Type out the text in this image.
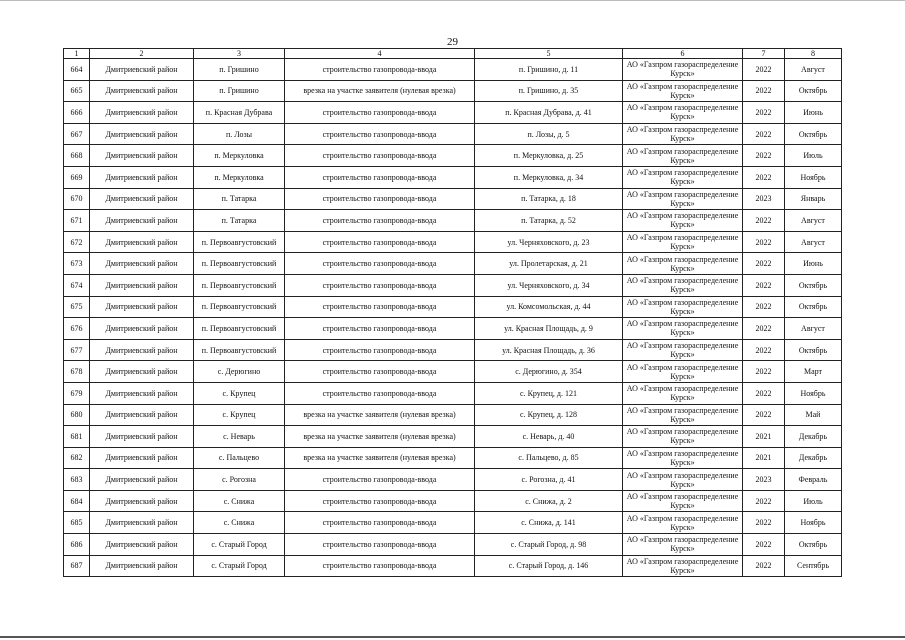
29
1	2	3	4	5	6	7	8
664	Дмитриевский район	п. Гришино	строительство газопровода-ввода	п. Гришино, д. 11	АО «Газпром газораспределение Курск»	2022	Август
665	Дмитриевский район	п. Гришино	врезка на участке заявителя (нулевая врезка)	п. Гришино, д. 35	АО «Газпром газораспределение Курск»	2022	Октябрь
666	Дмитриевский район	п. Красная Дубрава	строительство газопровода-ввода	п. Красная Дубрава, д. 41	АО «Газпром газораспределение Курск»	2022	Июнь
667	Дмитриевский район	п. Лозы	строительство газопровода-ввода	п. Лозы, д. 5	АО «Газпром газораспределение Курск»	2022	Октябрь
668	Дмитриевский район	п. Меркуловка	строительство газопровода-ввода	п. Меркуловка, д. 25	АО «Газпром газораспределение Курск»	2022	Июль
669	Дмитриевский район	п. Меркуловка	строительство газопровода-ввода	п. Меркуловка, д. 34	АО «Газпром газораспределение Курск»	2022	Ноябрь
670	Дмитриевский район	п. Татарка	строительство газопровода-ввода	п. Татарка, д. 18	АО «Газпром газораспределение Курск»	2023	Январь
671	Дмитриевский район	п. Татарка	строительство газопровода-ввода	п. Татарка, д. 52	АО «Газпром газораспределение Курск»	2022	Август
672	Дмитриевский район	п. Первоавгустовский	строительство газопровода-ввода	ул. Черняховского, д. 23	АО «Газпром газораспределение Курск»	2022	Август
673	Дмитриевский район	п. Первоавгустовский	строительство газопровода-ввода	ул. Пролетарская, д. 21	АО «Газпром газораспределение Курск»	2022	Июнь
674	Дмитриевский район	п. Первоавгустовский	строительство газопровода-ввода	ул. Черняховского, д. 34	АО «Газпром газораспределение Курск»	2022	Октябрь
675	Дмитриевский район	п. Первоавгустовский	строительство газопровода-ввода	ул. Комсомольская, д. 44	АО «Газпром газораспределение Курск»	2022	Октябрь
676	Дмитриевский район	п. Первоавгустовский	строительство газопровода-ввода	ул. Красная Площадь, д. 9	АО «Газпром газораспределение Курск»	2022	Август
677	Дмитриевский район	п. Первоавгустовский	строительство газопровода-ввода	ул. Красная Площадь, д. 36	АО «Газпром газораспределение Курск»	2022	Октябрь
678	Дмитриевский район	с. Дерюгино	строительство газопровода-ввода	с. Дерюгино, д. 354	АО «Газпром газораспределение Курск»	2022	Март
679	Дмитриевский район	с. Крупец	строительство газопровода-ввода	с. Крупец, д. 121	АО «Газпром газораспределение Курск»	2022	Ноябрь
680	Дмитриевский район	с. Крупец	врезка на участке заявителя (нулевая врезка)	с. Крупец, д. 128	АО «Газпром газораспределение Курск»	2022	Май
681	Дмитриевский район	с. Неварь	врезка на участке заявителя (нулевая врезка)	с. Неварь, д. 40	АО «Газпром газораспределение Курск»	2021	Декабрь
682	Дмитриевский район	с. Пальцево	врезка на участке заявителя (нулевая врезка)	с. Пальцево, д. 85	АО «Газпром газораспределение Курск»	2021	Декабрь
683	Дмитриевский район	с. Рогозна	строительство газопровода-ввода	с. Рогозна, д. 41	АО «Газпром газораспределение Курск»	2023	Февраль
684	Дмитриевский район	с. Снижа	строительство газопровода-ввода	с. Снижа, д. 2	АО «Газпром газораспределение Курск»	2022	Июль
685	Дмитриевский район	с. Снижа	строительство газопровода-ввода	с. Снижа, д. 141	АО «Газпром газораспределение Курск»	2022	Ноябрь
686	Дмитриевский район	с. Старый Город	строительство газопровода-ввода	с. Старый Город, д. 98	АО «Газпром газораспределение Курск»	2022	Октябрь
687	Дмитриевский район	с. Старый Город	строительство газопровода-ввода	с. Старый Город, д. 146	АО «Газпром газораспределение Курск»	2022	Сентябрь
